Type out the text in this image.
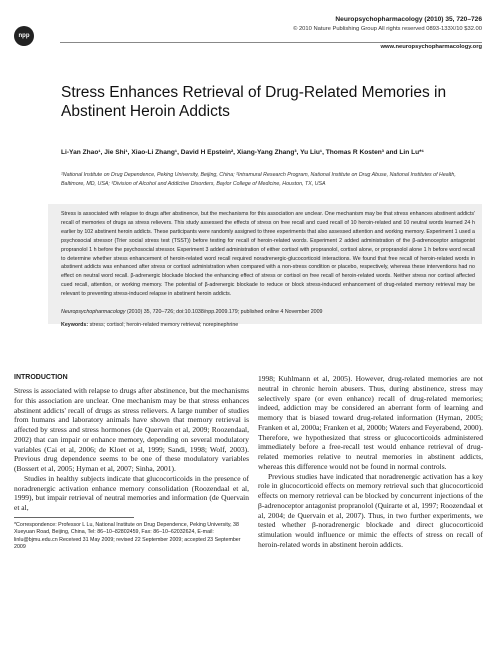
npp
Neuropsychopharmacology (2010) 35, 720–726
© 2010 Nature Publishing Group All rights reserved 0893-133X/10 $32.00
www.neuropsychopharmacology.org
Stress Enhances Retrieval of Drug-Related Memories in Abstinent Heroin Addicts
Li-Yan Zhao¹, Jie Shi¹, Xiao-Li Zhang¹, David H Epstein², Xiang-Yang Zhang³, Yu Liu¹, Thomas R Kosten³ and Lin Lu*¹
¹National Institute on Drug Dependence, Peking University, Beijing, China; ²Intramural Research Program, National Institute on Drug Abuse, National Institutes of Health, Baltimore, MD, USA; ³Division of Alcohol and Addictive Disorders, Baylor College of Medicine, Houston, TX, USA
Stress is associated with relapse to drugs after abstinence, but the mechanisms for this association are unclear. One mechanism may be that stress enhances abstinent addicts' recall of memories of drugs as stress relievers. This study assessed the effects of stress on free recall and cued recall of 10 heroin-related and 10 neutral words learned 24 h earlier by 102 abstinent heroin addicts. These participants were randomly assigned to three experiments that also assessed attention and working memory. Experiment 1 used a psychosocial stressor (Trier social stress test (TSST)) before testing for recall of heroin-related words. Experiment 2 added administration of the β-adrenoceptor antagonist propranolol 1 h before the psychosocial stressor. Experiment 3 added administration of either cortisol with propranolol, cortisol alone, or propranolol alone 1 h before word recall to determine whether stress enhancement of heroin-related word recall required noradrenergic-glucocorticoid interactions. We found that free recall of heroin-related words in abstinent addicts was enhanced after stress or cortisol administration when compared with a non-stress condition or placebo, respectively, whereas these interventions had no effect on neutral word recall. β-adrenergic blockade blocked the enhancing effect of stress or cortisol on free recall of heroin-related words. Neither stress nor cortisol affected cued recall, attention, or working memory. The potential of β-adrenergic blockade to reduce or block stress-induced enhancement of drug-related memory retrieval may be relevant to preventing stress-induced relapse in abstinent heroin addicts.
Neuropsychopharmacology (2010) 35, 720–726; doi:10.1038/npp.2009.179; published online 4 November 2009
Keywords: stress; cortisol; heroin-related memory retrieval; norepinephrine
INTRODUCTION

Stress is associated with relapse to drugs after abstinence, but the mechanisms for this association are unclear. One mechanism may be that stress enhances abstinent addicts' recall of drugs as stress relievers. A large number of studies from humans and laboratory animals have shown that memory retrieval is affected by stress and stress hormones (de Quervain et al, 2009; Roozendaal, 2002) that can impair or enhance memory, depending on several modulatory variables (Cai et al, 2006; de Kloet et al, 1999; Sandi, 1998; Wolf, 2003). Previous drug dependence seems to be one of these modulatory variables (Bossert et al, 2005; Hyman et al, 2007; Sinha, 2001).

Studies in healthy subjects indicate that glucocorticoids in the presence of noradrenergic activation enhance memory consolidation (Roozendaal et al, 1999), but impair retrieval of neutral memories and information (de Quervain et al,

*Correspondence: Professor L Lu, National Institute on Drug Dependence, Peking University, 38 Xueyuan Road, Beijing, China, Tel: 86–10–82802459, Fax: 86–10–62032624, E-mail: linlu@bjmu.edu.cn Received 31 May 2009; revised 22 September 2009; accepted 23 September 2009

1998; Kuhlmann et al, 2005). However, drug-related memories are not neutral in chronic heroin abusers. Thus, during abstinence, stress may selectively spare (or even enhance) recall of drug-related memories; indeed, addiction may be considered an aberrant form of learning and memory that is biased toward drug-related information (Hyman, 2005; Franken et al, 2000a; Franken et al, 2000b; Waters and Feyerabend, 2000). Therefore, we hypothesized that stress or glucocorticoids administered immediately before a free-recall test would enhance retrieval of drug-related memories relative to neutral memories in abstinent addicts, whereas this difference would not be found in normal controls.

Previous studies have indicated that noradrenergic activation has a key role in glucocorticoid effects on memory retrieval such that glucocorticoid effects on memory retrieval can be blocked by concurrent injections of the β-adrenoceptor antagonist propranolol (Quirarte et al, 1997; Roozendaal et al, 2004; de Quervain et al, 2007). Thus, in two further experiments, we tested whether β-noradrenergic blockade and direct glucocorticoid stimulation would influence or mimic the effects of stress on recall of heroin-related words in abstinent heroin addicts.
